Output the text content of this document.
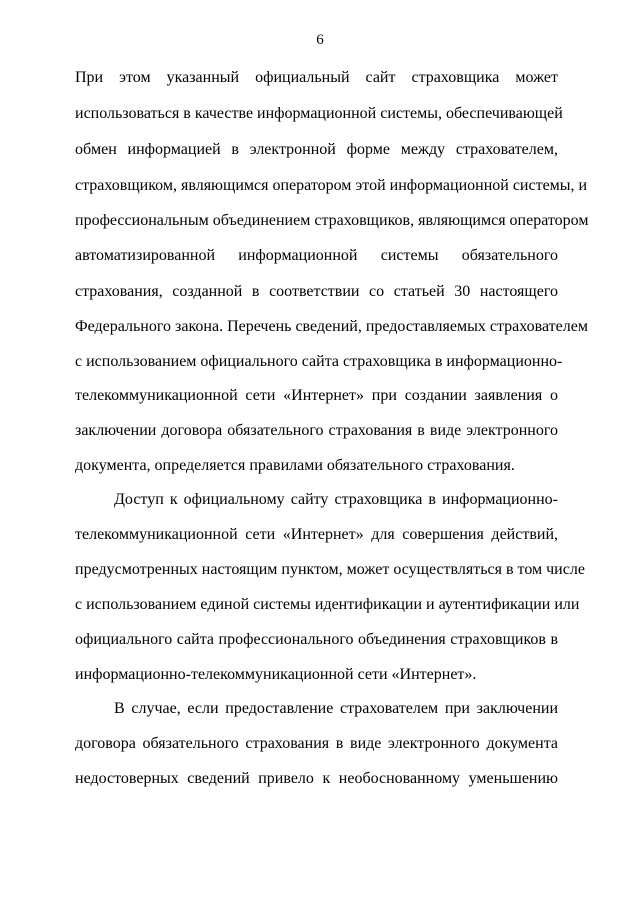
6
При этом указанный официальный сайт страховщика может
использоваться в качестве информационной системы, обеспечивающей
обмен информацией в электронной форме между страхователем,
страховщиком, являющимся оператором этой информационной системы, и
профессиональным объединением страховщиков, являющимся оператором
автоматизированной информационной системы обязательного
страхования, созданной в соответствии со статьей 30 настоящего
Федерального закона. Перечень сведений, предоставляемых страхователем
с использованием официального сайта страховщика в информационно-
телекоммуникационной сети «Интернет» при создании заявления о
заключении договора обязательного страхования в виде электронного
документа, определяется правилами обязательного страхования.
Доступ к официальному сайту страховщика в информационно-
телекоммуникационной сети «Интернет» для совершения действий,
предусмотренных настоящим пунктом, может осуществляться в том числе
с использованием единой системы идентификации и аутентификации или
официального сайта профессионального объединения страховщиков в
информационно-телекоммуникационной сети «Интернет».
В случае, если предоставление страхователем при заключении
договора обязательного страхования в виде электронного документа
недостоверных сведений привело к необоснованному уменьшению
